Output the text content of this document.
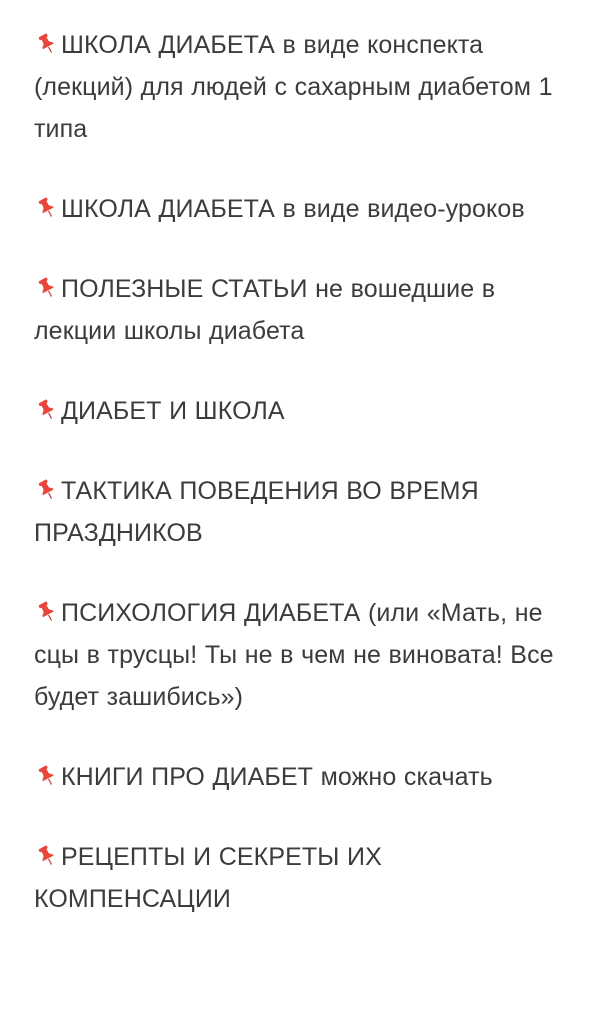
ШКОЛА ДИАБЕТА в виде конспекта (лекций) для людей с сахарным диабетом 1 типа

ШКОЛА ДИАБЕТА в виде видео-уроков

ПОЛЕЗНЫЕ СТАТЬИ не вошедшие в лекции школы диабета

ДИАБЕТ И ШКОЛА

ТАКТИКА ПОВЕДЕНИЯ ВО ВРЕМЯ ПРАЗДНИКОВ

ПСИХОЛОГИЯ ДИАБЕТА (или «Мать, не сцы в трусцы! Ты не в чем не виновата! Все будет зашибись»)

КНИГИ ПРО ДИАБЕТ можно скачать

РЕЦЕПТЫ И СЕКРЕТЫ ИХ КОМПЕНСАЦИИ
